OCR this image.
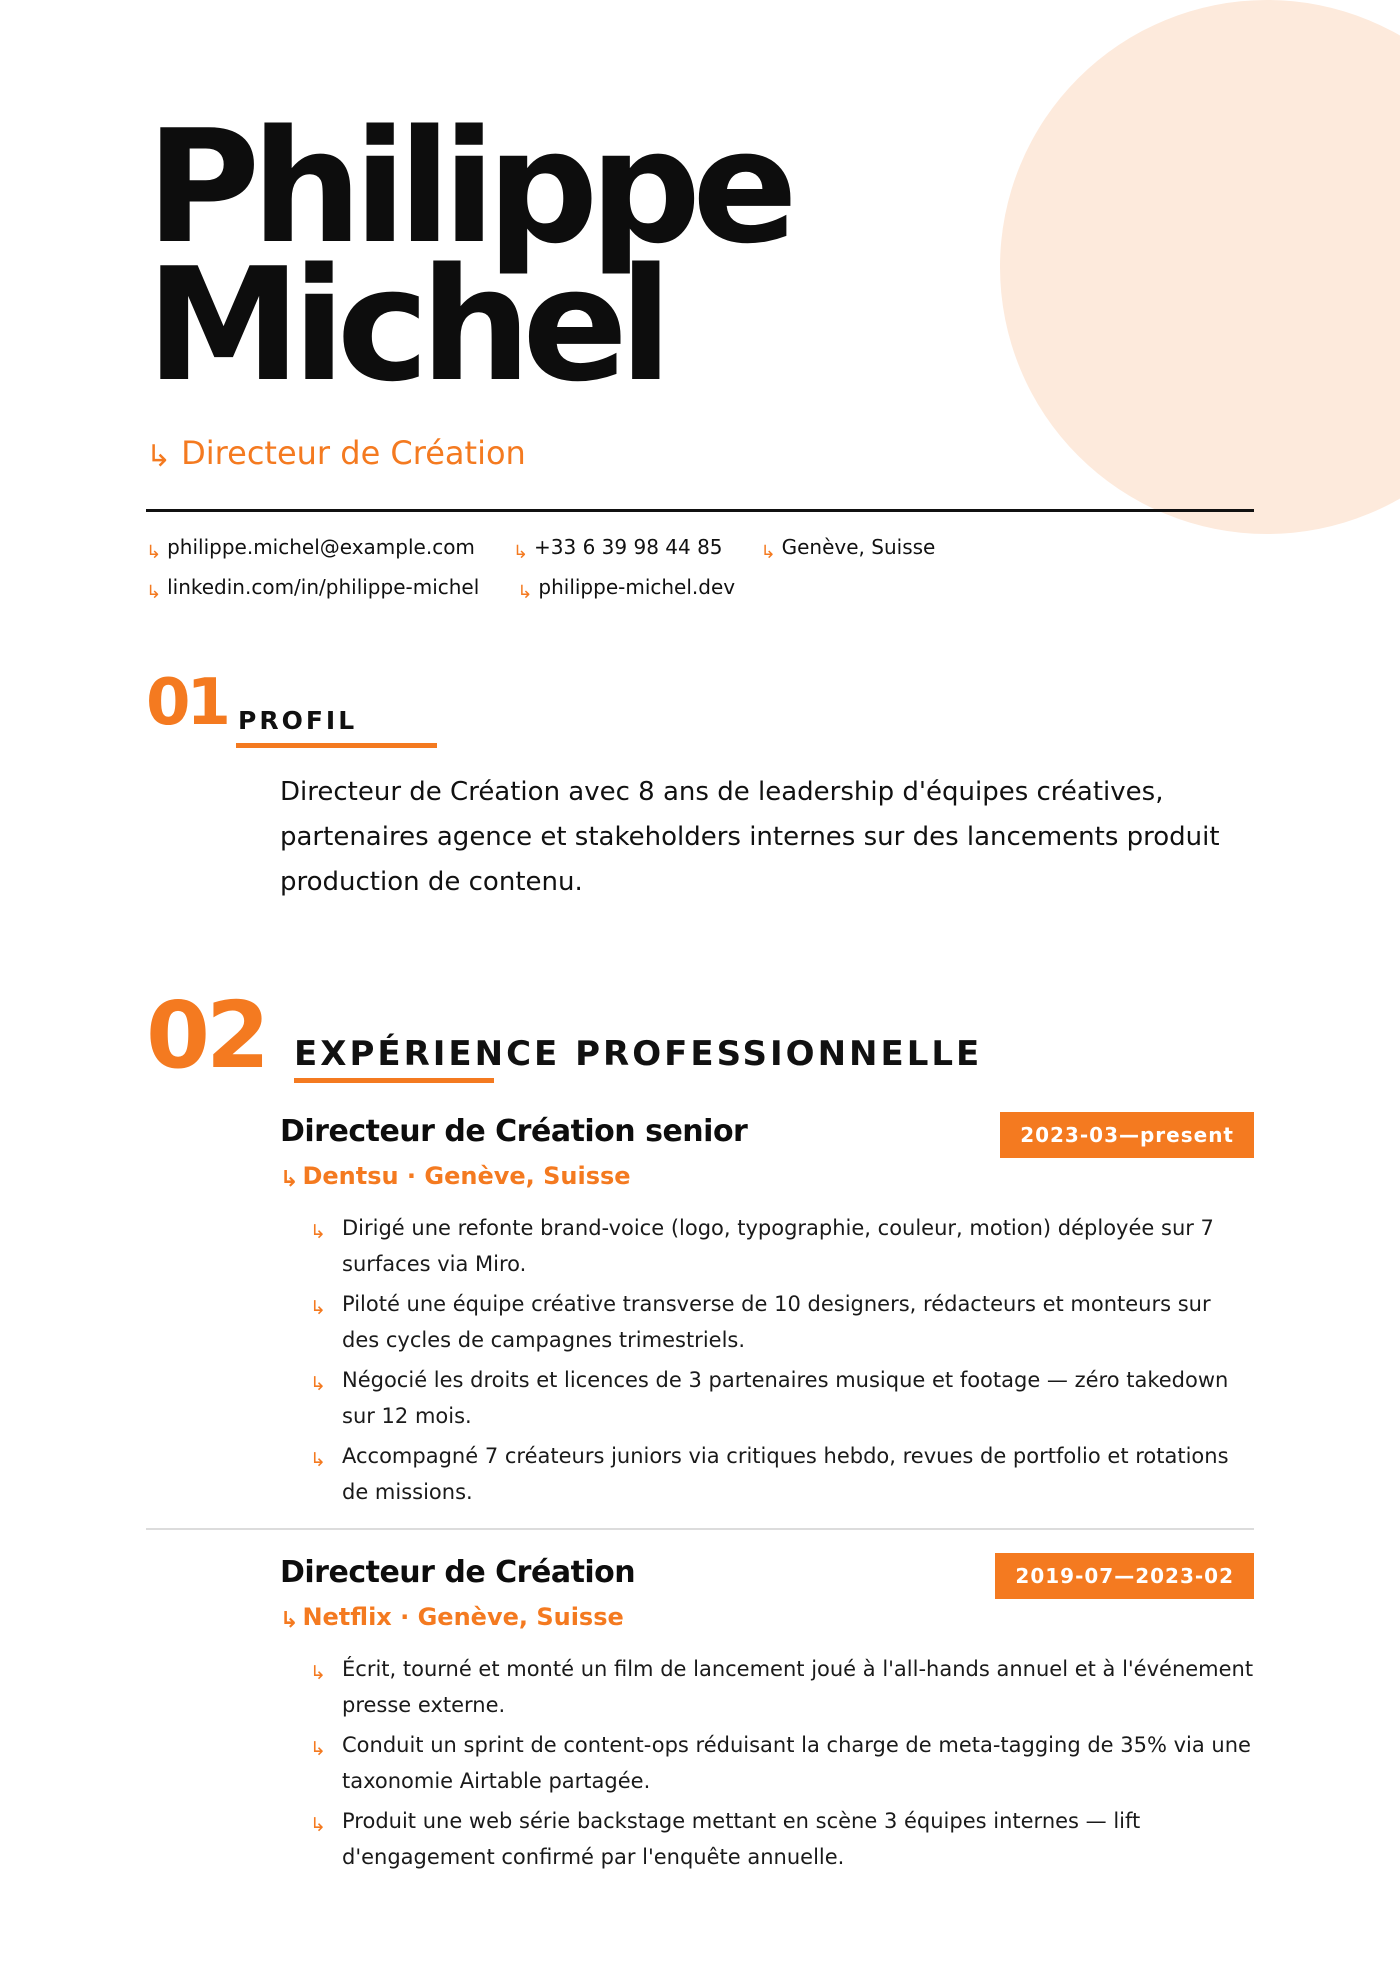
Philippe
Michel
↳ Directeur de Création
↳ philippe.michel@example.com ↳ +33 6 39 98 44 85 ↳ Genève, Suisse
↳ linkedin.com/in/philippe-michel ↳ philippe-michel.dev
01 PROFIL

Directeur de Création avec 8 ans de leadership d'équipes créatives, partenaires agence et stakeholders internes sur des lancements produit production de contenu.

02 EXPÉRIENCE PROFESSIONNELLE
Directeur de Création senior	2023-03—present
↳ Dentsu · Genève, Suisse
↳ Dirigé une refonte brand-voice (logo, typographie, couleur, motion) déployée sur 7 surfaces via Miro.
↳ Piloté une équipe créative transverse de 10 designers, rédacteurs et monteurs sur des cycles de campagnes trimestriels.
↳ Négocié les droits et licences de 3 partenaires musique et footage — zéro takedown sur 12 mois.
↳ Accompagné 7 créateurs juniors via critiques hebdo, revues de portfolio et rotations de missions.
Directeur de Création	2019-07—2023-02
↳ Netflix · Genève, Suisse
↳ Écrit, tourné et monté un film de lancement joué à l'all-hands annuel et à l'événement presse externe.
↳ Conduit un sprint de content-ops réduisant la charge de meta-tagging de 35% via une taxonomie Airtable partagée.
↳ Produit une web série backstage mettant en scène 3 équipes internes — lift d'engagement confirmé par l'enquête annuelle.
